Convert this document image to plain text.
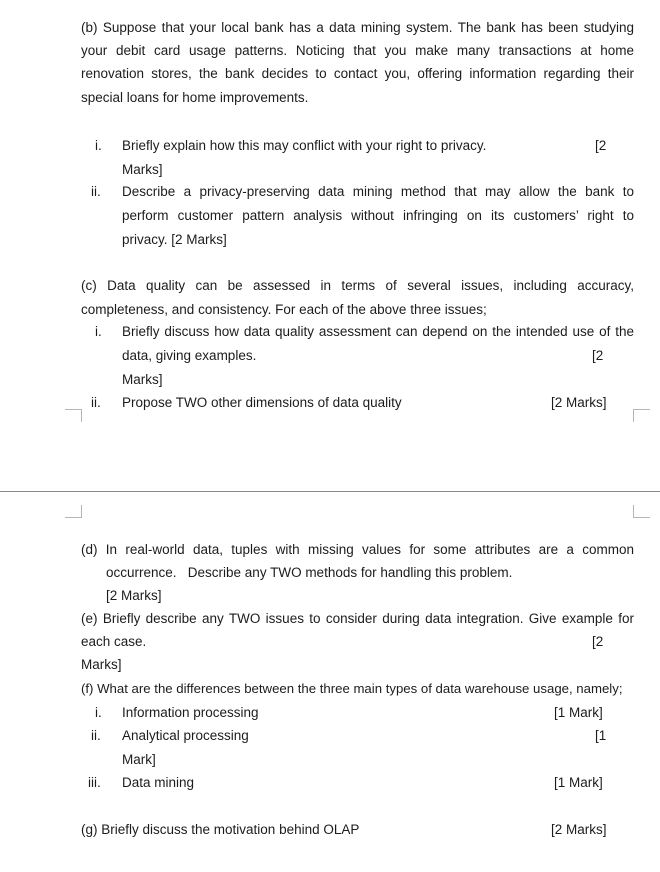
(b) Suppose that your local bank has a data mining system. The bank has been studying
your debit card usage patterns. Noticing that you make many transactions at home
renovation stores, the bank decides to contact you, offering information regarding their
special loans for home improvements.
i. Briefly explain how this may conflict with your right to privacy.	[2
Marks]
ii. Describe a privacy-preserving data mining method that may allow the bank to
perform customer pattern analysis without infringing on its customers’ right to
privacy. [2 Marks]
(c) Data quality can be assessed in terms of several issues, including accuracy,
completeness, and consistency. For each of the above three issues;
i. Briefly discuss how data quality assessment can depend on the intended use of the
data, giving examples.	[2
Marks]
ii. Propose TWO other dimensions of data quality	[2 Marks]
(d) In real-world data, tuples with missing values for some attributes are a common
occurrence.   Describe any TWO methods for handling this problem.
[2 Marks]
(e) Briefly describe any TWO issues to consider during data integration. Give example for
each case.	[2
Marks]
(f) What are the differences between the three main types of data warehouse usage, namely;
i. Information processing	[1 Mark]
ii. Analytical processing	[1
Mark]
iii. Data mining	[1 Mark]
(g) Briefly discuss the motivation behind OLAP	[2 Marks]
